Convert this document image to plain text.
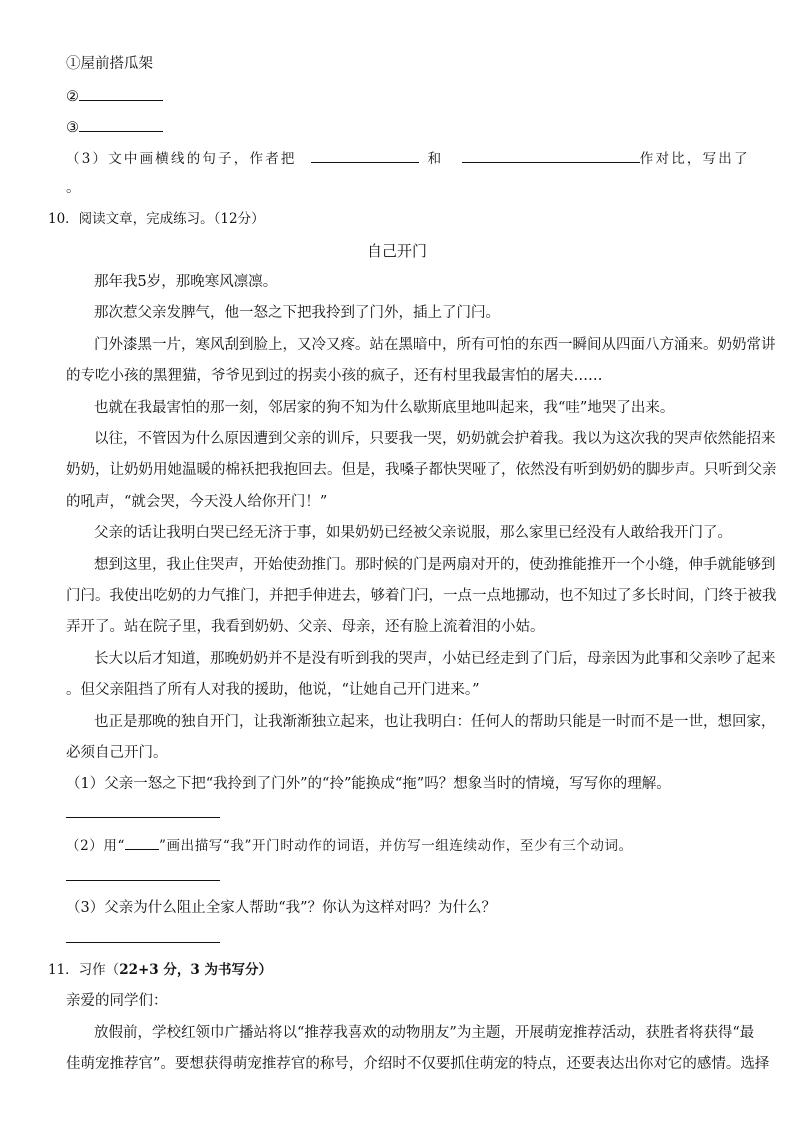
①屋前搭瓜架
②
③
（3）文中画横线的句子，作者把	和	作对比，写出了
。
10．阅读文章，完成练习。（12分）
自己开门
那年我5岁，那晚寒风凛凛。
那次惹父亲发脾气，他一怒之下把我拎到了门外，插上了门闩。
门外漆黑一片，寒风刮到脸上，又冷又疼。站在黑暗中，所有可怕的东西一瞬间从四面八方涌来。奶奶常讲
的专吃小孩的黑狸猫，爷爷见到过的拐卖小孩的疯子，还有村里我最害怕的屠夫……
也就在我最害怕的那一刻，邻居家的狗不知为什么歇斯底里地叫起来，我“哇”地哭了出来。
以往，不管因为什么原因遭到父亲的训斥，只要我一哭，奶奶就会护着我。我以为这次我的哭声依然能招来
奶奶，让奶奶用她温暖的棉袄把我抱回去。但是，我嗓子都快哭哑了，依然没有听到奶奶的脚步声。只听到父亲
的吼声，“就会哭，今天没人给你开门！”
父亲的话让我明白哭已经无济于事，如果奶奶已经被父亲说服，那么家里已经没有人敢给我开门了。
想到这里，我止住哭声，开始使劲推门。那时候的门是两扇对开的，使劲推能推开一个小缝，伸手就能够到
门闩。我使出吃奶的力气推门，并把手伸进去，够着门闩，一点一点地挪动，也不知过了多长时间，门终于被我
弄开了。站在院子里，我看到奶奶、父亲、母亲，还有脸上流着泪的小姑。
长大以后才知道，那晚奶奶并不是没有听到我的哭声，小姑已经走到了门后，母亲因为此事和父亲吵了起来
。但父亲阻挡了所有人对我的援助，他说，“让她自己开门进来。”
也正是那晚的独自开门，让我渐渐独立起来，也让我明白：任何人的帮助只能是一时而不是一世，想回家，
必须自己开门。
（1）父亲一怒之下把“我拎到了门外”的“拎”能换成“拖”吗？想象当时的情境，写写你的理解。
（2）用“	”画出描写“我”开门时动作的词语，并仿写一组连续动作，至少有三个动词。
（3）父亲为什么阻止全家人帮助“我”？你认为这样对吗？为什么？
11．习作（22+3 分，3 为书写分）
亲爱的同学们：
放假前，学校红领巾广播站将以“推荐我喜欢的动物朋友”为主题，开展萌宠推荐活动，获胜者将获得“最
佳萌宠推荐官”。要想获得萌宠推荐官的称号，介绍时不仅要抓住萌宠的特点，还要表达出你对它的感情。选择
